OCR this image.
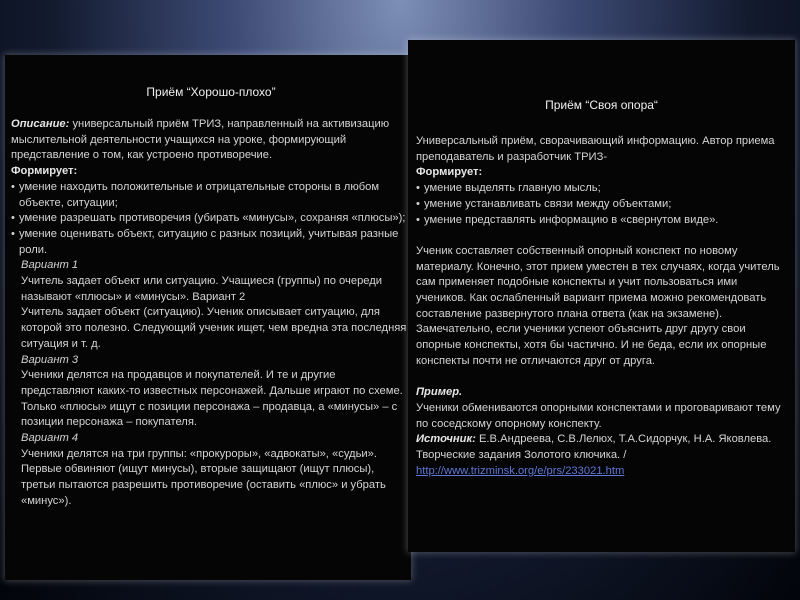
Приём “Хорошо-плохо”

Описание: универсальный приём ТРИЗ, направленный на активизацию мыслительной деятельности учащихся на уроке, формирующий представление о том, как устроено противоречие.

Формирует:

• умение находить положительные и отрицательные стороны в любом объекте, ситуации;

• умение разрешать противоречия (убирать «минусы», сохраняя «плюсы»);

• умение оценивать объект, ситуацию с разных позиций, учитывая разные роли.

Вариант 1

Учитель задает объект или ситуацию. Учащиеся (группы) по очереди называют «плюсы» и «минусы». Вариант 2

Учитель задает объект (ситуацию). Ученик описывает ситуацию, для которой это полезно. Следующий ученик ищет, чем вредна эта последняя ситуация и т. д.

Вариант 3

Ученики делятся на продавцов и покупателей. И те и другие представляют каких-то известных персонажей. Дальше играют по схеме. Только «плюсы» ищут с позиции персонажа – продавца, а «минусы» – с позиции персонажа – покупателя.

Вариант 4

Ученики делятся на три группы: «прокуроры», «адвокаты», «судьи». Первые обвиняют (ищут минусы), вторые защищают (ищут плюсы), третьи пытаются разрешить противоречие (оставить «плюс» и убрать «минус»).

Приём “Своя опора“

Универсальный приём, сворачивающий информацию. Автор приема преподаватель и разработчик ТРИЗ-

Формирует:

• умение выделять главную мысль;

• умение устанавливать связи между объектами;

• умение представлять информацию в «свернутом виде».

Ученик составляет собственный опорный конспект по новому материалу. Конечно, этот прием уместен в тех случаях, когда учитель сам применяет подобные конспекты и учит пользоваться ими учеников. Как ослабленный вариант приема можно рекомендовать составление развернутого плана ответа (как на экзамене).

Замечательно, если ученики успеют объяснить друг другу свои опорные конспекты, хотя бы частично. И не беда, если их опорные конспекты почти не отличаются друг от друга.

Пример.

Ученики обмениваются опорными конспектами и проговаривают тему по соседскому опорному конспекту.

Источник: Е.В.Андреева, С.В.Лелюх, Т.А.Сидорчук, Н.А. Яковлева. Творческие задания Золотого ключика. / http://www.trizminsk.org/e/prs/233021.htm
